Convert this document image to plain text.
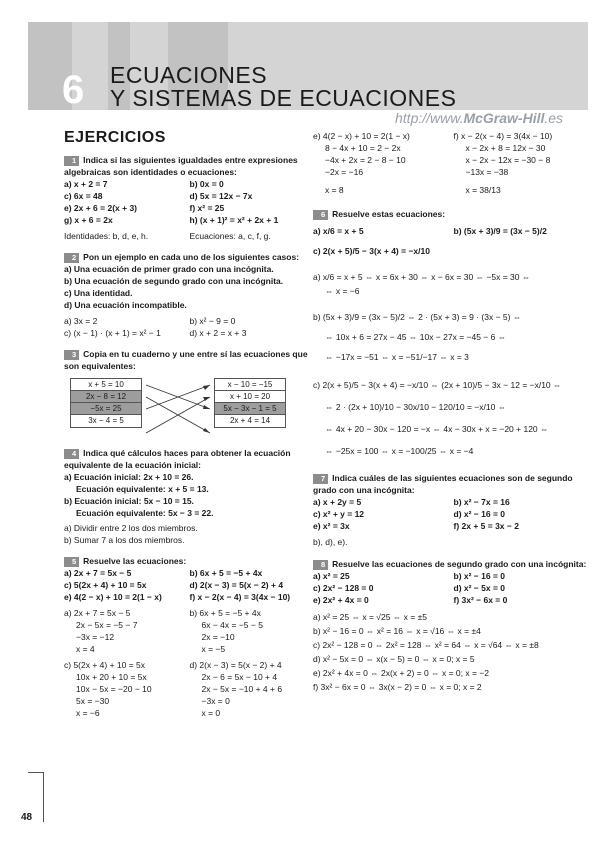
6 ECUACIONES
Y SISTEMAS DE ECUACIONES
http://www.McGraw-Hill.es
EJERCICIOS
1 Indica si las siguientes igualdades entre expresiones algebraicas son identidades o ecuaciones:
a) x + 2 = 7	b) 0x = 0
c) 6x = 48	d) 5x = 12x − 7x
e) 2x + 6 = 2(x + 3)	f) x² = 25
g) x + 6 = 2x	h) (x + 1)² = x² + 2x + 1
Identidades: b, d, e, h.	Ecuaciones: a, c, f, g.
2 Pon un ejemplo en cada uno de los siguientes casos:
a) Una ecuación de primer grado con una incógnita.
b) Una ecuación de segundo grado con una incógnita.
c) Una identidad.
d) Una ecuación incompatible.
a) 3x = 2	b) x² − 9 = 0
c) (x − 1) · (x + 1) = x² − 1	d) x + 2 = x + 3
3 Copia en tu cuaderno y une entre sí las ecuaciones que son equivalentes:
x + 5 = 10
2x − 8 = 12
−5x = 25
3x − 4 = 5
x − 10 = −15
x + 10 = 20
5x − 3x − 1 = 5
2x + 4 = 14
4 Indica qué cálculos haces para obtener la ecuación equivalente de la ecuación inicial:
a) Ecuación inicial: 2x + 10 = 26.
Ecuación equivalente: x + 5 = 13.
b) Ecuación inicial: 5x − 10 = 15.
Ecuación equivalente: 5x − 3 = 22.
a) Dividir entre 2 los dos miembros.
b) Sumar 7 a los dos miembros.
5 Resuelve las ecuaciones:
a) 2x + 7 = 5x − 5	b) 6x + 5 = −5 + 4x
c) 5(2x + 4) + 10 = 5x	d) 2(x − 3) = 5(x − 2) + 4
e) 4(2 − x) + 10 = 2(1 − x)	f) x − 2(x − 4) = 3(4x − 10)
a) 2x + 7 = 5x − 5
2x − 5x = −5 − 7
−3x = −12
x = 4
b) 6x + 5 = −5 + 4x
6x − 4x = −5 − 5
2x = −10
x = −5
c) 5(2x + 4) + 10 = 5x
10x + 20 + 10 = 5x
10x − 5x = −20 − 10
5x = −30
x = −6
d) 2(x − 3) = 5(x − 2) + 4
2x − 6 = 5x − 10 + 4
2x − 5x = −10 + 4 + 6
−3x = 0
x = 0
e) 4(2 − x) + 10 = 2(1 − x)
8 − 4x + 10 = 2 − 2x
−4x + 2x = 2 − 8 − 10
−2x = −16
x = 8
f) x − 2(x − 4) = 3(4x − 10)
x − 2x + 8 = 12x − 30
x − 2x − 12x = −30 − 8
−13x = −38
x = 38/13
6 Resuelve estas ecuaciones:
a) x/6 = x + 5	b) (5x + 3)/9 = (3x − 5)/2
c) 2(x + 5)/5 − 3(x + 4) = −x/10
a) x/6 = x + 5 ⇔ x = 6x + 30 ⇔ x − 6x = 30 ⇔ −5x = 30 ⇔
⇔ x = −6
b) (5x + 3)/9 = (3x − 5)/2 ⇔ 2 · (5x + 3) = 9 · (3x − 5) ⇔
⇔ 10x + 6 = 27x − 45 ⇔ 10x − 27x = −45 − 6 ⇔
⇔ −17x = −51 ⇔ x = −51/−17 ⇔ x = 3
c) 2(x + 5)/5 − 3(x + 4) = −x/10 ⇔ (2x + 10)/5 − 3x − 12 = −x/10 ⇔
⇔ 2 · (2x + 10)/10 − 30x/10 − 120/10 = −x/10 ⇔
⇔ 4x + 20 − 30x − 120 = −x ⇔ 4x − 30x + x = −20 + 120 ⇔
⇔ −25x = 100 ⇔ x = −100/25 ⇔ x = −4
7 Indica cuáles de las siguientes ecuaciones son de segundo grado con una incógnita:
a) x + 2y = 5	b) x² − 7x = 16
c) x² + y = 12	d) x² − 16 = 0
e) x² = 3x	f) 2x + 5 = 3x − 2
b), d), e).
8 Resuelve las ecuaciones de segundo grado con una incógnita:
a) x² = 25	b) x² − 16 = 0
c) 2x² − 128 = 0	d) x² − 5x = 0
e) 2x² + 4x = 0	f) 3x² − 6x = 0
a) x² = 25 ⇔ x = √25 ⇔ x = ±5
b) x² − 16 = 0 ⇔ x² = 16 ⇔ x = √16 ⇔ x = ±4
c) 2x² − 128 = 0 ⇔ 2x² = 128 ⇔ x² = 64 ⇔ x = √64 ⇔ x = ±8
d) x² − 5x = 0 ⇔ x(x − 5) = 0 ⇔ x = 0; x = 5
e) 2x² + 4x = 0 ⇔ 2x(x + 2) = 0 ⇔ x = 0; x = −2
f) 3x² − 6x = 0 ⇔ 3x(x − 2) = 0 ⇔ x = 0; x = 2
48
